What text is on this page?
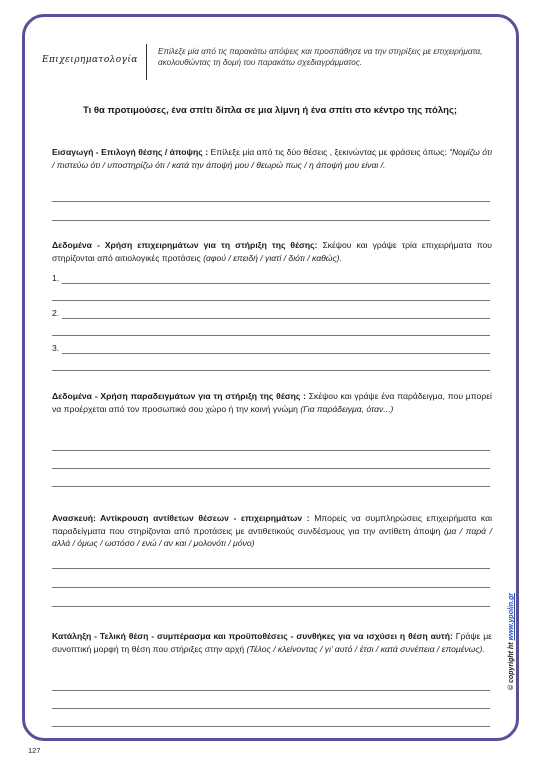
Επιχειρηματολογία
Επίλεξε μία από τις παρακάτω απόψεις και προσπάθησε να την στηρίξεις με επιχειρήματα, ακολουθώντας τη δομή του παρακάτω σχεδιαγράμματος.
Τι θα προτιμούσες, ένα σπίτι δίπλα σε μια λίμνη ή ένα σπίτι στο κέντρο της πόλης;
Εισαγωγή - Επιλογή θέσης / άποψης : Επίλεξε μία από τις δύο θέσεις , ξεκινώντας με φράσεις όπως: “Νομίζω ότι / πιστεύω ότι / υποστηρίζω ότι / κατά την άποψή μου / θεωρώ πως / η άποψή μου είναι /.
Δεδομένα - Χρήση επιχειρημάτων για τη στήριξη της θέσης: Σκέψου και γράψε τρία επιχειρήματα που στηρίζονται από αιτιολογικές προτάσεις (αφού / επειδή / γιατί / διότι / καθώς).
1.
2.
3.
Δεδομένα - Χρήση παραδειγμάτων για τη στήριξη της θέσης : Σκέψου και γράψε ένα παράδειγμα, που μπορεί να προέρχεται από τον προσωπικό σου χώρο ή την κοινή γνώμη (Για παράδειγμα, όταν...)
Ανασκευή: Αντίκρουση αντίθετων θέσεων - επιχειρημάτων : Μπορείς να συμπληρώσεις επιχειρήματα και παραδείγματα που στηρίζονται από προτάσεις με αντιθετικούς συνδέσμους για την αντίθετη άποψη (μα / παρά / αλλά / όμως / ωστόσο / ενώ / αν και / μολονότι / μόνο)
Κατάληξη - Τελική θέση - συμπέρασμα και προϋποθέσεις - συνθήκες για να ισχύσει η θέση αυτή: Γράψε με συνοπτική μορφή τη θέση που στήριξες στην αρχή (Τέλος / κλείνοντας / γι’ αυτό / έτσι / κατά συνέπεια / επομένως).	© copyright ht www.ypolin.gr
127
